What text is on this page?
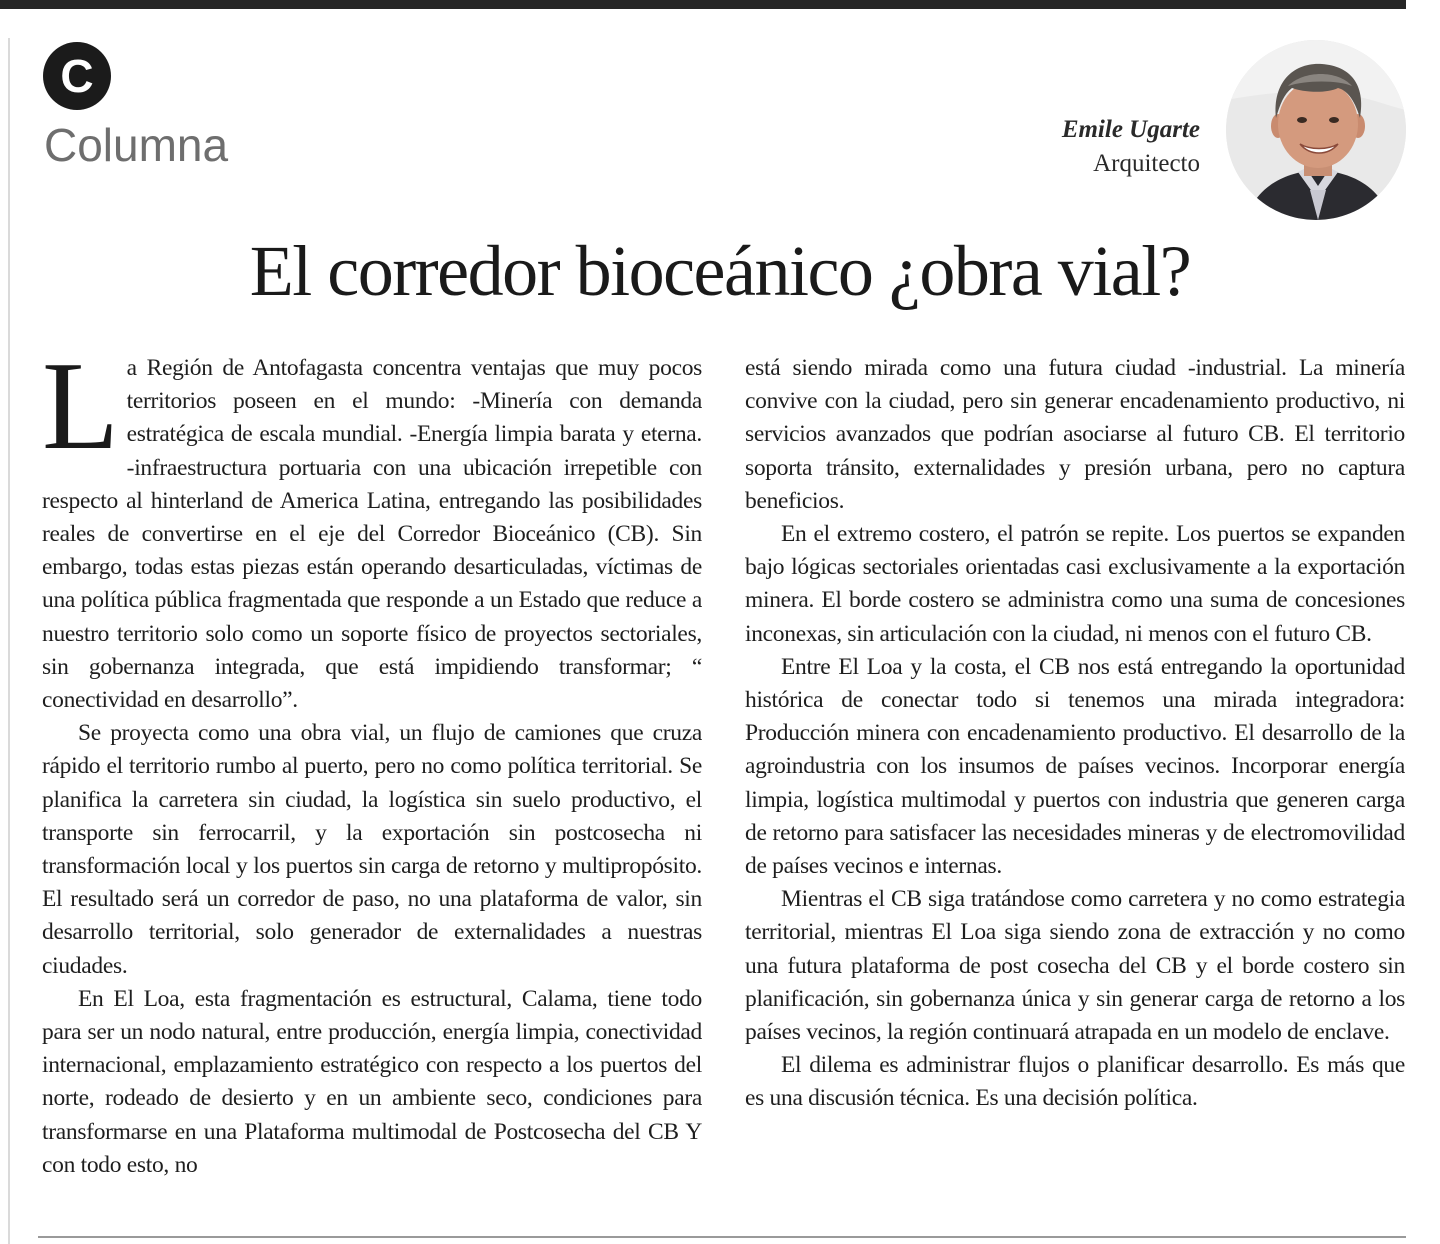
C
Columna	Emile Ugarte
Arquitecto
El corredor bioceánico ¿obra vial?

La Región de Antofagasta concentra ventajas que muy pocos territorios poseen en el mundo: -Minería con demanda estratégica de escala mundial. -Energía limpia barata y eterna. -infraestructura portuaria con una ubicación irrepetible con respecto al hinterland de America Latina, entregando las posibilidades reales de convertirse en el eje del Corredor Bioceánico (CB). Sin embargo, todas estas piezas están operando desarticuladas, víctimas de una política pública fragmentada que responde a un Estado que reduce a nuestro territorio solo como un soporte físico de proyectos sectoriales, sin gobernanza integrada, que está impidiendo transformar; “ conectividad en desarrollo”.

Se proyecta como una obra vial, un flujo de camiones que cruza rápido el territorio rumbo al puerto, pero no como política territorial. Se planifica la carretera sin ciudad, la logística sin suelo productivo, el transporte sin ferrocarril, y la exportación sin postcosecha ni transformación local y los puertos sin carga de retorno y multipropósito. El resultado será un corredor de paso, no una plataforma de valor, sin desarrollo territorial, solo generador de externalidades a nuestras ciudades.

En El Loa, esta fragmentación es estructural, Calama, tiene todo para ser un nodo natural, entre producción, energía limpia, conectividad internacional, emplazamiento estratégico con respecto a los puertos del norte, rodeado de desierto y en un ambiente seco, condiciones para transformarse en una Plataforma multimodal de Postcosecha del CB Y con todo esto, no

está siendo mirada como una futura ciudad -industrial. La minería convive con la ciudad, pero sin generar encadenamiento productivo, ni servicios avanzados que podrían asociarse al futuro CB. El territorio soporta tránsito, externalidades y presión urbana, pero no captura beneficios.

En el extremo costero, el patrón se repite. Los puertos se expanden bajo lógicas sectoriales orientadas casi exclusivamente a la exportación minera. El borde costero se administra como una suma de concesiones inconexas, sin articulación con la ciudad, ni menos con el futuro CB.

Entre El Loa y la costa, el CB nos está entregando la oportunidad histórica de conectar todo si tenemos una mirada integradora: Producción minera con encadenamiento productivo. El desarrollo de la agroindustria con los insumos de países vecinos. Incorporar energía limpia, logística multimodal y puertos con industria que generen carga de retorno para satisfacer las necesidades mineras y de electromovilidad de países vecinos e internas.

Mientras el CB siga tratándose como carretera y no como estrategia territorial, mientras El Loa siga siendo zona de extracción y no como una futura plataforma de post cosecha del CB y el borde costero sin planificación, sin gobernanza única y sin generar carga de retorno a los países vecinos, la región continuará atrapada en un modelo de enclave.

El dilema es administrar flujos o planificar desarrollo. Es más que es una discusión técnica. Es una decisión política.
